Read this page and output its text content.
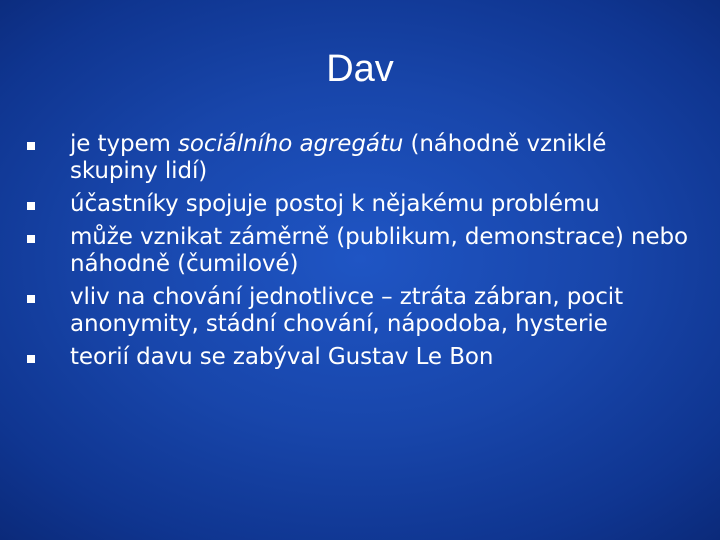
Dav
je typem sociálního agregátu (náhodně vzniklé skupiny lidí)
účastníky spojuje postoj k nějakému problému
může vznikat záměrně (publikum, demonstrace) nebo náhodně (čumilové)
vliv na chování jednotlivce – ztráta zábran, pocit anonymity, stádní chování, nápodoba, hysterie
teorií davu se zabýval Gustav Le Bon
